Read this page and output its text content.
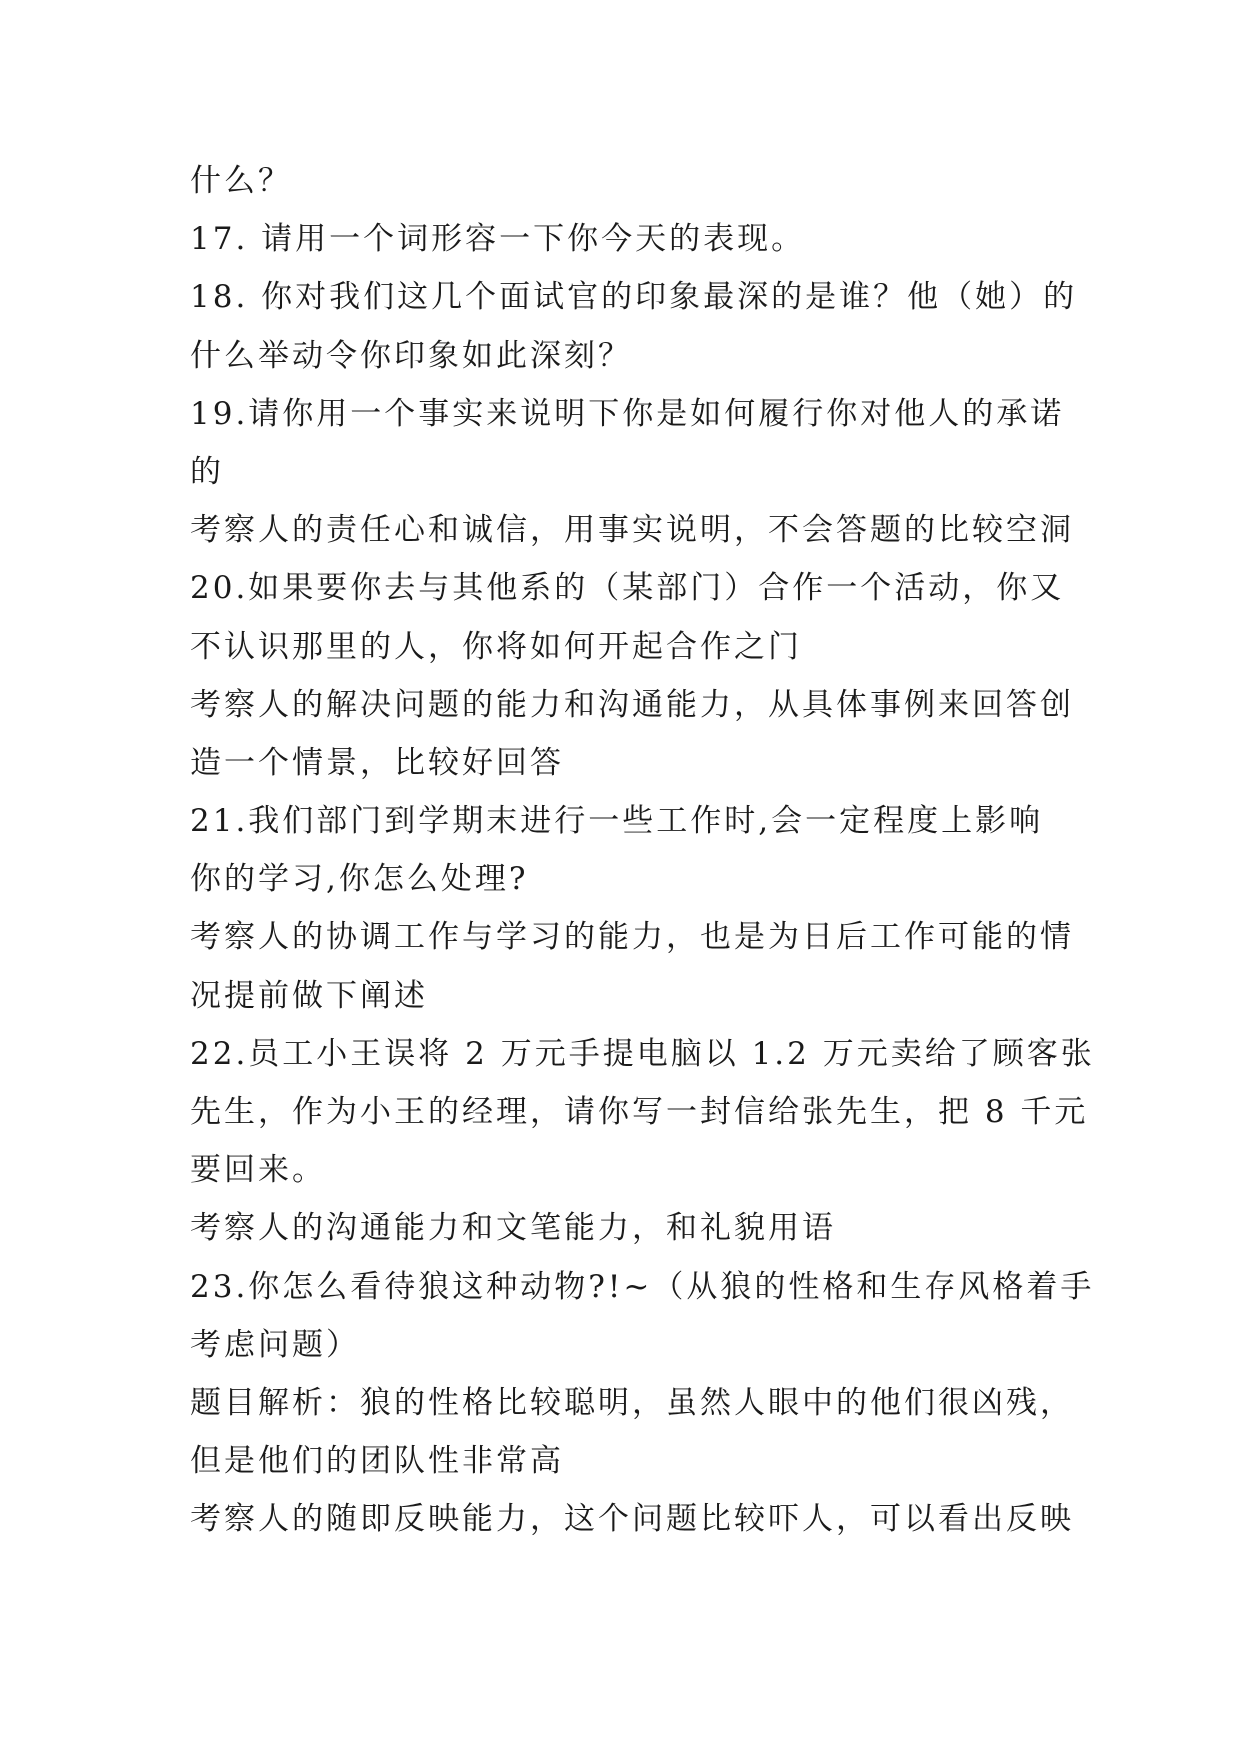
什么？
17. 请用一个词形容一下你今天的表现。
18. 你对我们这几个面试官的印象最深的是谁？他（她）的
什么举动令你印象如此深刻？
19.请你用一个事实来说明下你是如何履行你对他人的承诺
的
考察人的责任心和诚信，用事实说明，不会答题的比较空洞
20.如果要你去与其他系的（某部门）合作一个活动，你又
不认识那里的人，你将如何开起合作之门
考察人的解决问题的能力和沟通能力，从具体事例来回答创
造一个情景，比较好回答
21.我们部门到学期末进行一些工作时,会一定程度上影响
你的学习,你怎么处理?
考察人的协调工作与学习的能力，也是为日后工作可能的情
况提前做下阐述
22.员工小王误将 2 万元手提电脑以 1.2 万元卖给了顾客张
先生，作为小王的经理，请你写一封信给张先生，把 8 千元
要回来。
考察人的沟通能力和文笔能力，和礼貌用语
23.你怎么看待狼这种动物?!~（从狼的性格和生存风格着手
考虑问题）
题目解析：狼的性格比较聪明，虽然人眼中的他们很凶残，
但是他们的团队性非常高
考察人的随即反映能力，这个问题比较吓人，可以看出反映
